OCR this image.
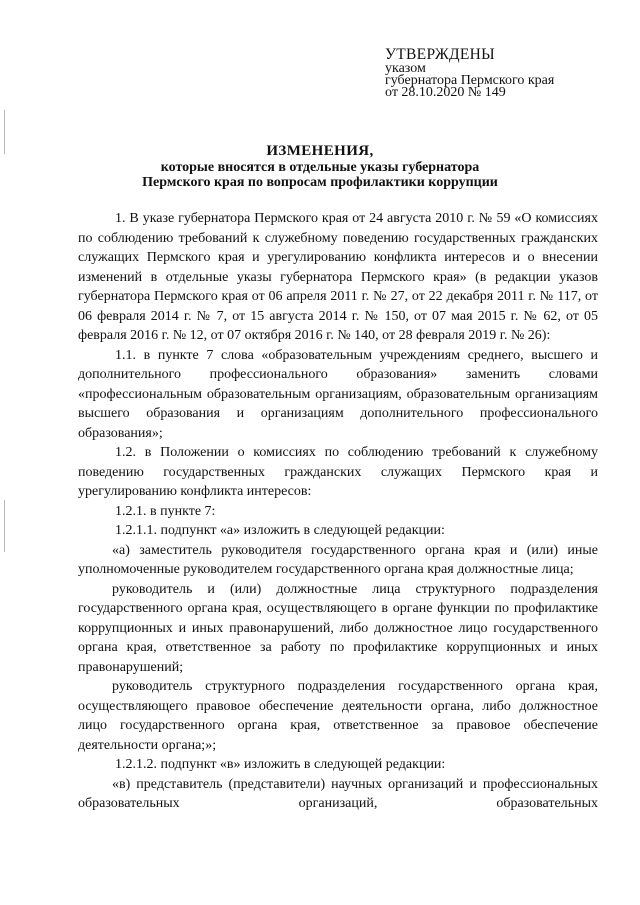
УТВЕРЖДЕНЫ
указом
губернатора Пермского края
от 28.10.2020 № 149
ИЗМЕНЕНИЯ,
которые вносятся в отдельные указы губернатора
Пермского края по вопросам профилактики коррупции

1. В указе губернатора Пермского края от 24 августа 2010 г. № 59 «О комиссиях по соблюдению требований к служебному поведению государственных гражданских служащих Пермского края и урегулированию конфликта интересов и о внесении изменений в отдельные указы губернатора Пермского края» (в редакции указов губернатора Пермского края от 06 апреля 2011 г. № 27, от 22 декабря 2011 г. № 117, от 06 февраля 2014 г. № 7, от 15 августа 2014 г. № 150, от 07 мая 2015 г. № 62, от 05 февраля 2016 г. № 12, от 07 октября 2016 г. № 140, от 28 февраля 2019 г. № 26):

1.1. в пункте 7 слова «образовательным учреждениям среднего, высшего и дополнительного профессионального образования» заменить словами «профессиональным образовательным организациям, образовательным организациям высшего образования и организациям дополнительного профессионального образования»;

1.2. в Положении о комиссиях по соблюдению требований к служебному поведению государственных гражданских служащих Пермского края и урегулированию конфликта интересов:

1.2.1. в пункте 7:

1.2.1.1. подпункт «а» изложить в следующей редакции:

«а) заместитель руководителя государственного органа края и (или) иные уполномоченные руководителем государственного органа края должностные лица;

руководитель и (или) должностные лица структурного подразделения государственного органа края, осуществляющего в органе функции по профилактике коррупционных и иных правонарушений, либо должностное лицо государственного органа края, ответственное за работу по профилактике коррупционных и иных правонарушений;

руководитель структурного подразделения государственного органа края, осуществляющего правовое обеспечение деятельности органа, либо должностное лицо государственного органа края, ответственное за правовое обеспечение деятельности органа;»;

1.2.1.2. подпункт «в» изложить в следующей редакции:

«в) представитель (представители) научных организаций и профессиональных образовательных организаций, образовательных
